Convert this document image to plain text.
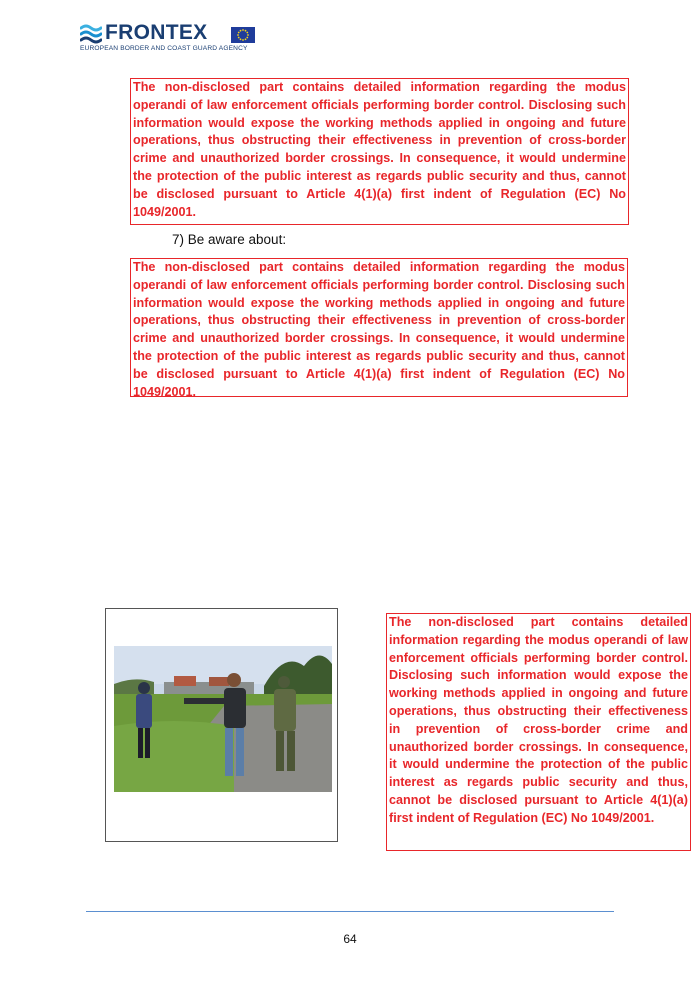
FRONTEX
EUROPEAN BORDER AND COAST GUARD AGENCY
The non-disclosed part contains detailed information regarding the modus operandi of law enforcement officials performing border control. Disclosing such information would expose the working methods applied in ongoing and future operations, thus obstructing their effectiveness in prevention of cross-border crime and unauthorized border crossings. In consequence, it would undermine the protection of the public interest as regards public security and thus, cannot be disclosed pursuant to Article 4(1)(a) first indent of Regulation (EC) No 1049/2001.
7) Be aware about:
The non-disclosed part contains detailed information regarding the modus operandi of law enforcement officials performing border control. Disclosing such information would expose the working methods applied in ongoing and future operations, thus obstructing their effectiveness in prevention of cross-border crime and unauthorized border crossings. In consequence, it would undermine the protection of the public interest as regards public security and thus, cannot be disclosed pursuant to Article 4(1)(a) first indent of Regulation (EC) No 1049/2001.
The non-disclosed part contains detailed information regarding the modus operandi of law enforcement officials performing border control. Disclosing such information would expose the working methods applied in ongoing and future operations, thus obstructing their effectiveness in prevention of cross-border crime and unauthorized border crossings. In consequence, it would undermine the protection of the public interest as regards public security and thus, cannot be disclosed pursuant to Article 4(1)(a) first indent of Regulation (EC) No 1049/2001.
64
